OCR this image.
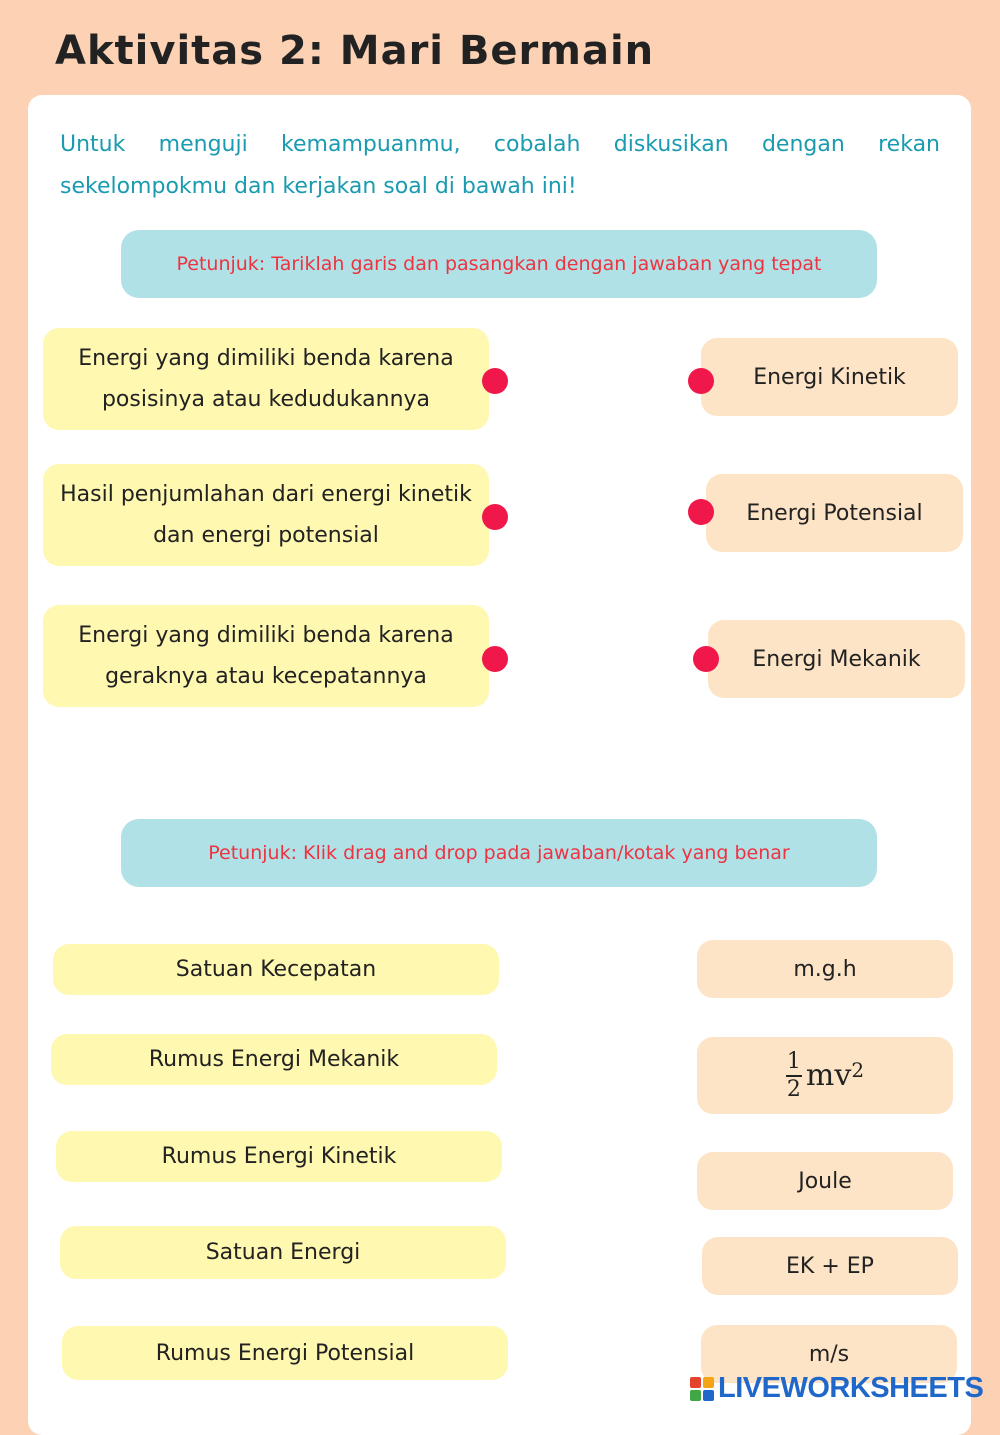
Aktivitas 2: Mari Bermain
Untuk menguji kemampuanmu, cobalah diskusikan dengan rekan sekelompokmu dan kerjakan soal di bawah ini!
Petunjuk: Tariklah garis dan pasangkan dengan jawaban yang tepat
Energi yang dimiliki benda karena posisinya atau kedudukannya
Hasil penjumlahan dari energi kinetik dan energi potensial
Energi yang dimiliki benda karena geraknya atau kecepatannya
Energi Kinetik
Energi Potensial
Energi Mekanik
Petunjuk: Klik drag and drop pada jawaban/kotak yang benar
Satuan Kecepatan
Rumus Energi Mekanik
Rumus Energi Kinetik
Satuan Energi
Rumus Energi Potensial
m.g.h
$\frac{1}{2} mv^2$
Joule
EK + EP
m/s
LIVEWORKSHEETS
